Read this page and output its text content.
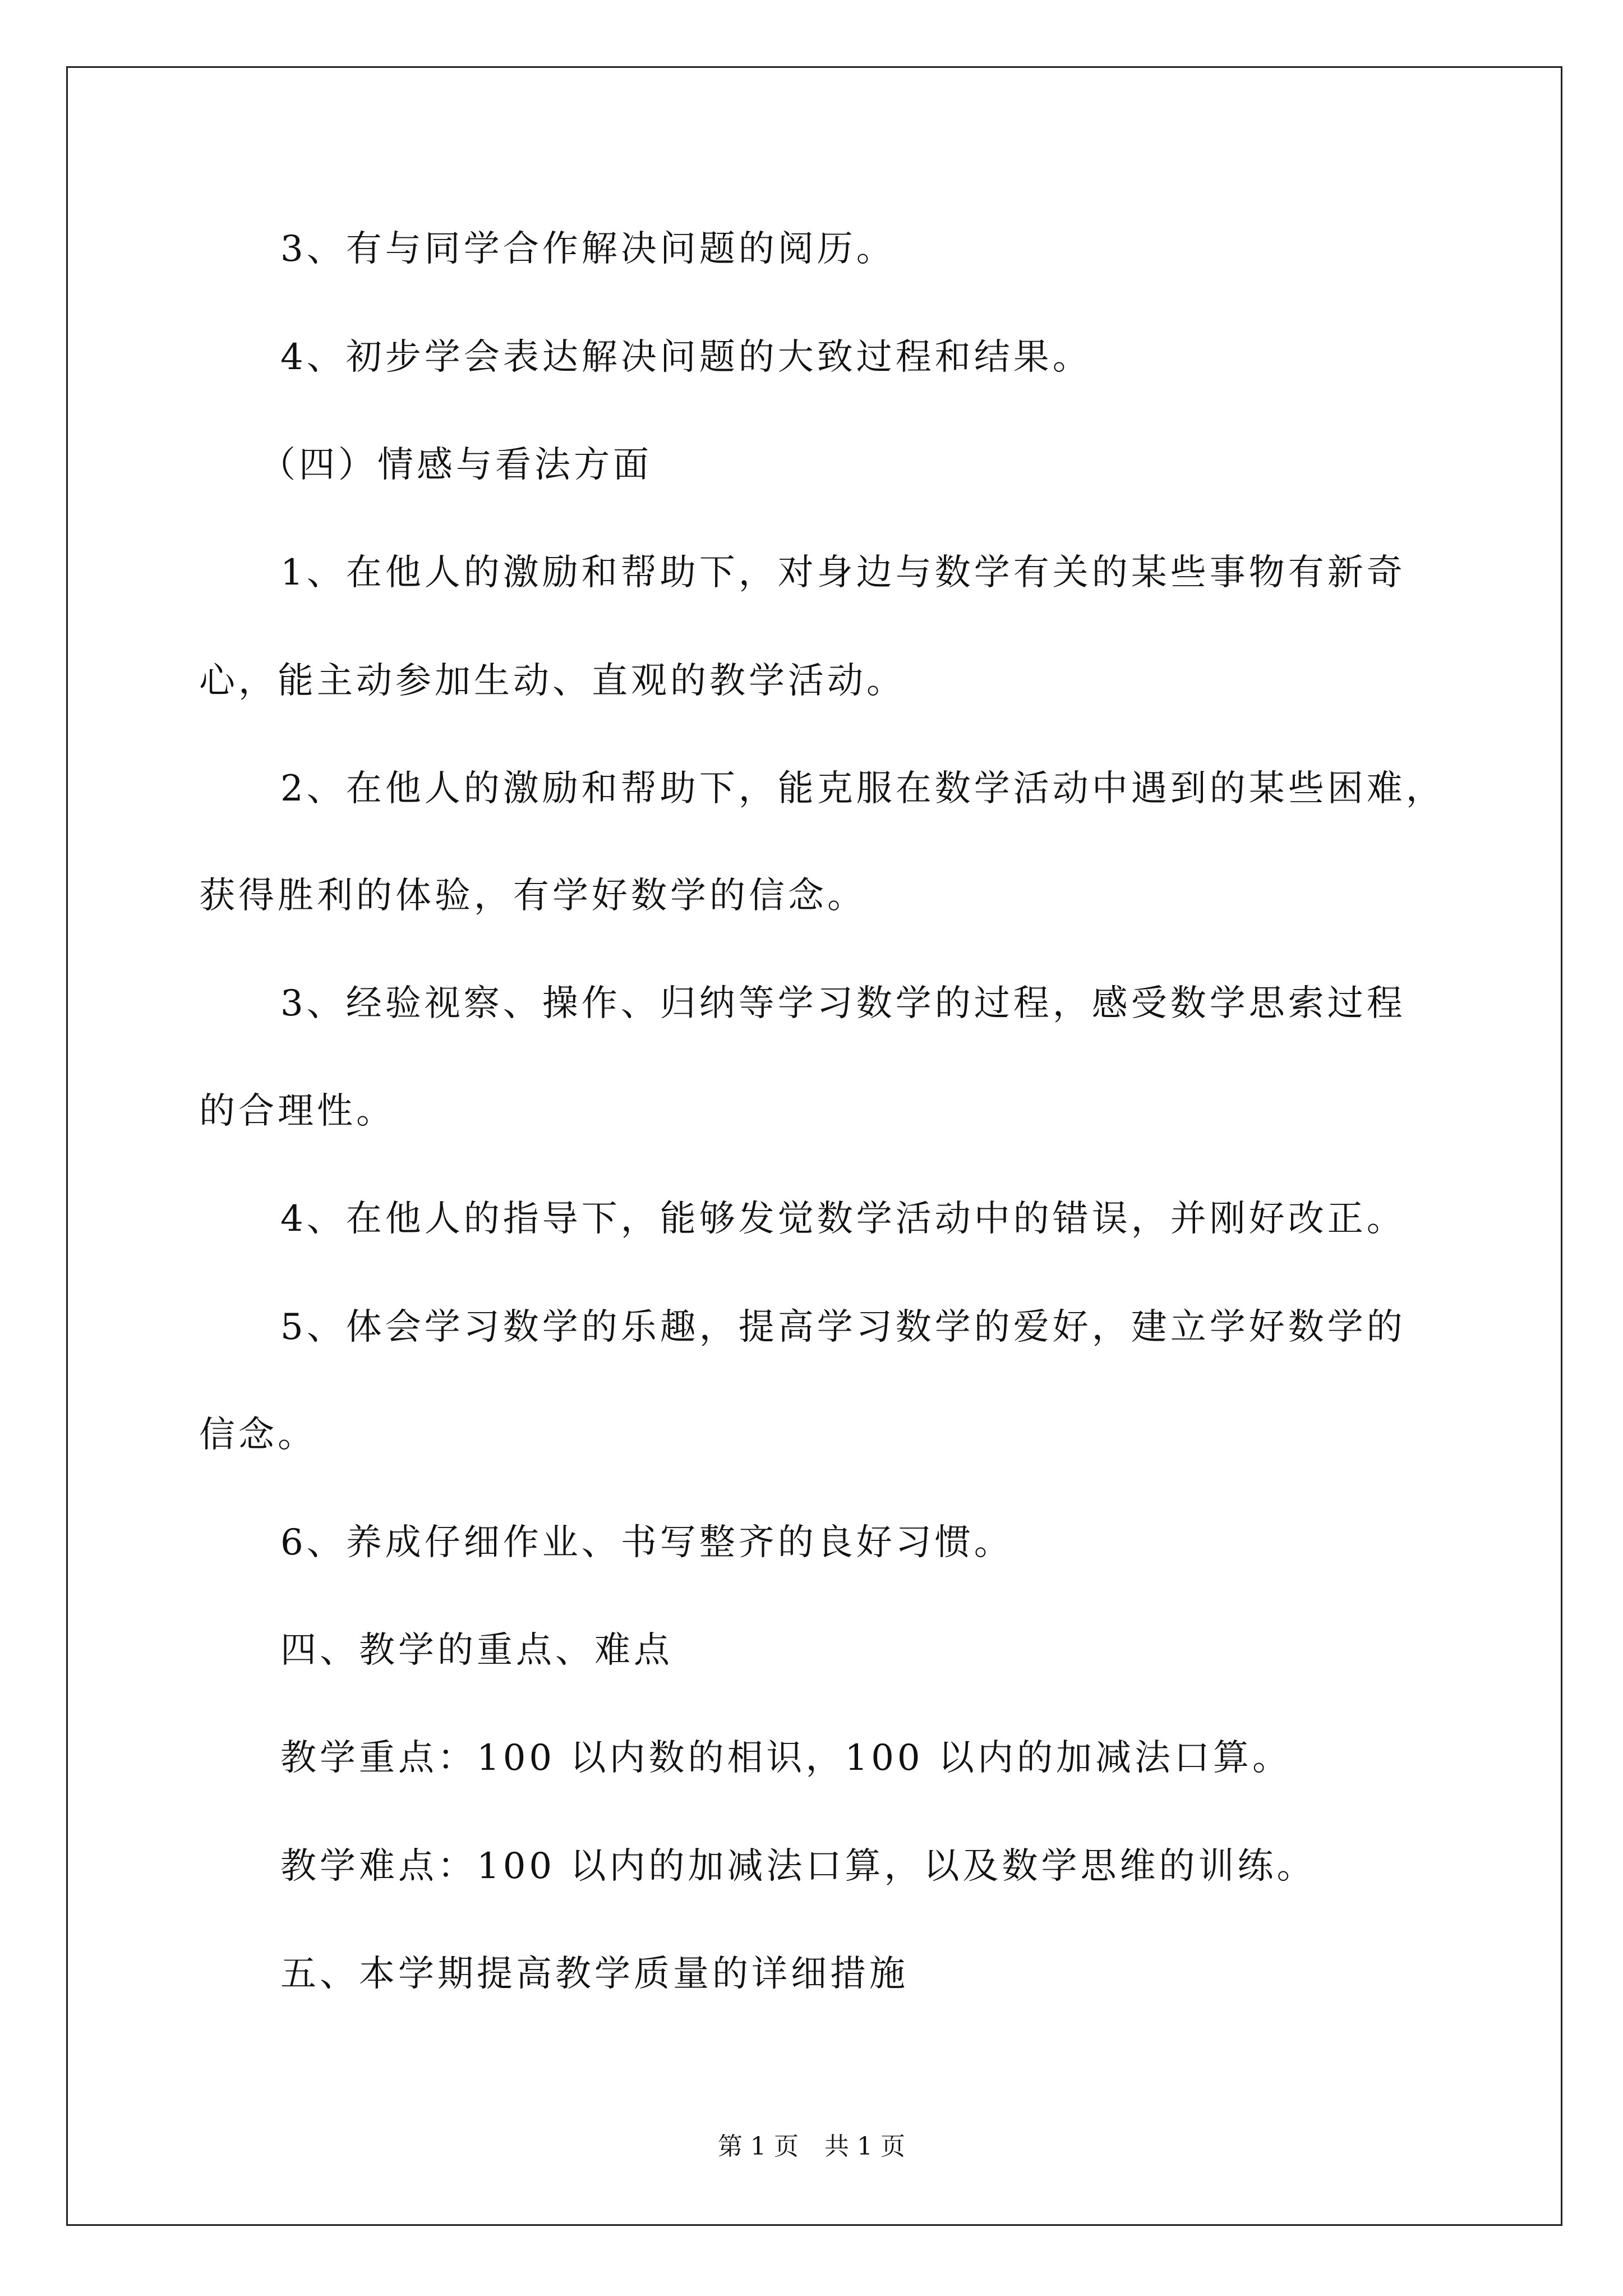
3、有与同学合作解决问题的阅历。
4、初步学会表达解决问题的大致过程和结果。
（四）情感与看法方面
1、在他人的激励和帮助下，对身边与数学有关的某些事物有新奇
心，能主动参加生动、直观的教学活动。
2、在他人的激励和帮助下，能克服在数学活动中遇到的某些困难，
获得胜利的体验，有学好数学的信念。
3、经验视察、操作、归纳等学习数学的过程，感受数学思索过程
的合理性。
4、在他人的指导下，能够发觉数学活动中的错误，并刚好改正。
5、体会学习数学的乐趣，提高学习数学的爱好，建立学好数学的
信念。
6、养成仔细作业、书写整齐的良好习惯。
四、教学的重点、难点
教学重点：100 以内数的相识，100 以内的加减法口算。
教学难点：100 以内的加减法口算，以及数学思维的训练。
五、本学期提高教学质量的详细措施
第 1 页 共 1 页
